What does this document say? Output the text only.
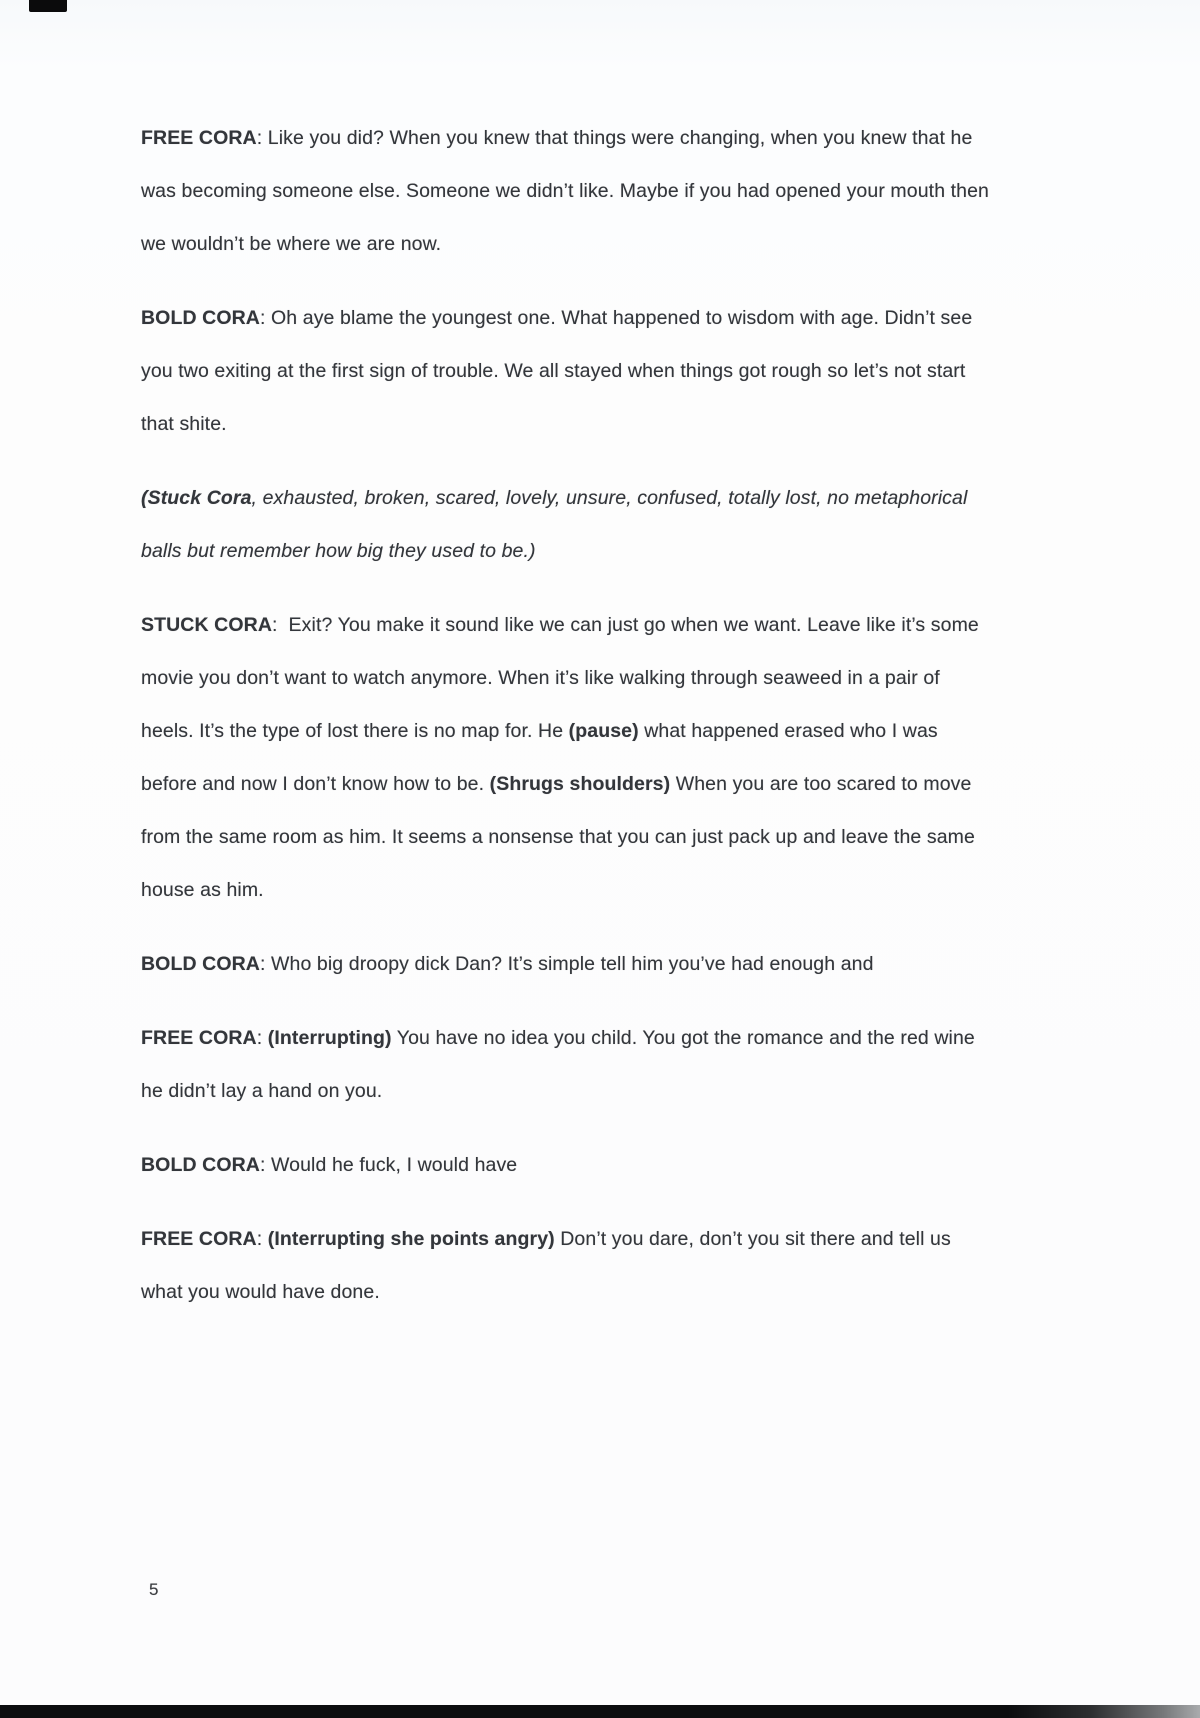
FREE CORA: Like you did? When you knew that things were changing, when you knew that he was becoming someone else. Someone we didn’t like. Maybe if you had opened your mouth then we wouldn’t be where we are now.
BOLD CORA: Oh aye blame the youngest one. What happened to wisdom with age. Didn’t see you two exiting at the first sign of trouble. We all stayed when things got rough so let’s not start that shite.
(Stuck Cora, exhausted, broken, scared, lovely, unsure, confused, totally lost, no metaphorical balls but remember how big they used to be.)
STUCK CORA:  Exit? You make it sound like we can just go when we want. Leave like it’s some movie you don’t want to watch anymore. When it’s like walking through seaweed in a pair of heels. It’s the type of lost there is no map for. He (pause) what happened erased who I was before and now I don’t know how to be. (Shrugs shoulders) When you are too scared to move from the same room as him. It seems a nonsense that you can just pack up and leave the same house as him.
BOLD CORA: Who big droopy dick Dan? It’s simple tell him you’ve had enough and
FREE CORA: (Interrupting) You have no idea you child. You got the romance and the red wine he didn’t lay a hand on you.
BOLD CORA: Would he fuck, I would have
FREE CORA: (Interrupting she points angry) Don’t you dare, don’t you sit there and tell us what you would have done.
5
